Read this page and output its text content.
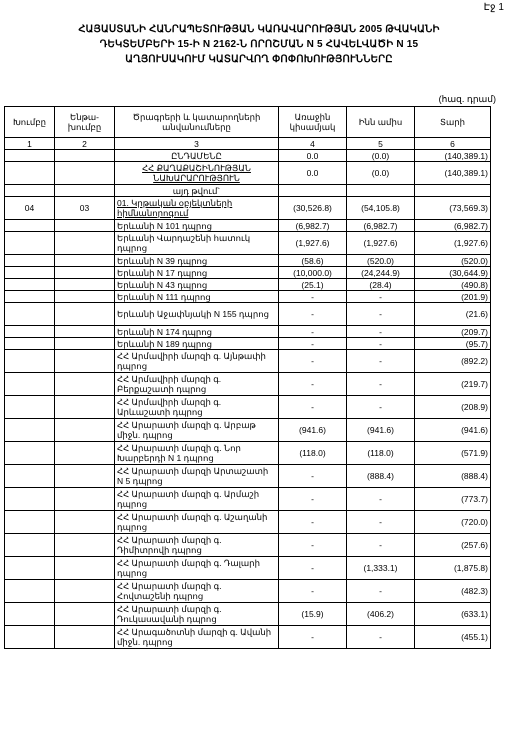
Էջ 1
ՀԱՅԱՍՏԱՆԻ ՀԱՆՐԱՊԵՏՈՒԹՅԱՆ ԿԱՌԱՎԱՐՈՒԹՅԱՆ 2005 ԹՎԱԿԱՆԻ
ԴԵԿՏԵՄԲԵՐԻ 15-Ի N 2162-Ն ՈՐՈՇՄԱՆ N 5 ՀԱՎԵԼՎԱԾԻ N 15
ԱՂՅՈՒՍԱԿՈՒՄ ԿԱՏԱՐՎՈՂ ՓՈՓՈԽՈՒԹՅՈՒՆՆԵՐԸ
(հազ. դրամ)
Խումբը	Ենթա-խումբը	Ծրագրերի և կատարողների անվանումները	Առաջին կիսամյակ	Ինն ամիս	Տարի
1	2	3	4	5	6
		ԸՆԴԱՄԵՆԸ	0.0	(0.0)	(140,389.1)
		ՀՀ ՔԱՂԱՔԱՇԻՆՈՒԹՅԱՆ ՆԱԽԱՐԱՐՈՒԹՅՈՒՆ	0.0	(0.0)	(140,389.1)
		այդ թվում`			
04	03	01. Կրթական օբյեկտների հիմնանորոգում	(30,526.8)	(54,105.8)	(73,569.3)
		Երևանի N 101 դպրոց	(6,982.7)	(6,982.7)	(6,982.7)
		Երևանի Վարդաշենի հատուկ դպրոց	(1,927.6)	(1,927.6)	(1,927.6)
		Երևանի N 39 դպրոց	(58.6)	(520.0)	(520.0)
		Երևանի N 17 դպրոց	(10,000.0)	(24,244.9)	(30,644.9)
		Երևանի N 43 դպրոց	(25.1)	(28.4)	(490.8)
		Երևանի N 111 դպրոց	-	-	(201.9)
		Երևանի Աջափնյակի N 155 դպրոց	-	-	(21.6)
		Երևանի N 174 դպրոց	-	-	(209.7)
		Երևանի N 189 դպրոց	-	-	(95.7)
		ՀՀ Արմավիրի մարզի գ. Այնթափի դպրոց	-	-	(892.2)
		ՀՀ Արմավիրի մարզի գ. Բերքաշատի դպրոց	-	-	(219.7)
		ՀՀ Արմավիրի մարզի գ. Արևաշատի դպրոց	-	-	(208.9)
		ՀՀ Արարատի մարզի գ. Արբաթ միջն. դպրոց	(941.6)	(941.6)	(941.6)
		ՀՀ Արարատի մարզի գ. Նոր Խարբերդի N 1 դպրոց	(118.0)	(118.0)	(571.9)
		ՀՀ Արարատի մարզի Արտաշատի N 5 դպրոց	-	(888.4)	(888.4)
		ՀՀ Արարատի մարզի գ. Արմաշի դպրոց	-	-	(773.7)
		ՀՀ Արարատի մարզի գ. Աշաղանի դպրոց	-	-	(720.0)
		ՀՀ Արարատի մարզի գ. Դիմիտրովի դպրոց	-	-	(257.6)
		ՀՀ Արարատի մարզի գ. Դալարի դպրոց	-	(1,333.1)	(1,875.8)
		ՀՀ Արարատի մարզի գ. Հովտաշենի դպրոց	-	-	(482.3)
		ՀՀ Արարատի մարզի գ. Դուկասավանի դպրոց	(15.9)	(406.2)	(633.1)
		ՀՀ Արագածոտնի մարզի գ. Ավանի միջն. դպրոց	-	-	(455.1)
